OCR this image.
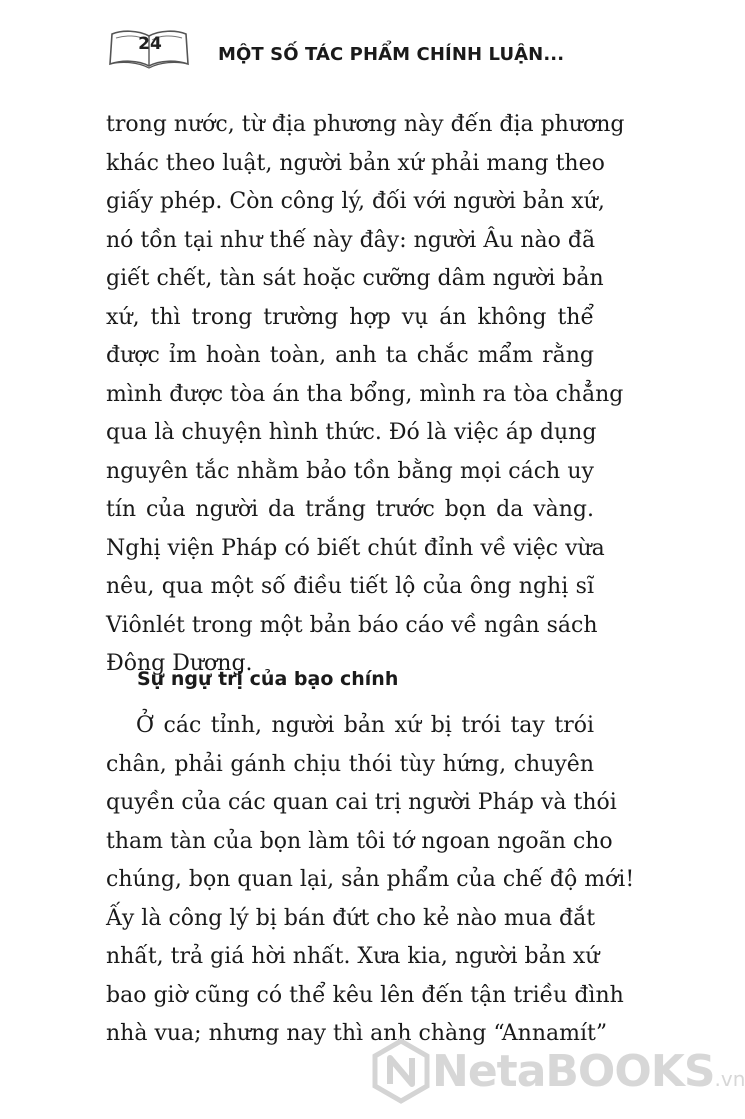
24	MỘT SỐ TÁC PHẨM CHÍNH LUẬN...
trong nước, từ địa phương này đến địa phương
khác theo luật, người bản xứ phải mang theo
giấy phép. Còn công lý, đối với người bản xứ,
nó tồn tại như thế này đây: người Âu nào đã
giết chết, tàn sát hoặc cưỡng dâm người bản
xứ, thì trong trường hợp vụ án không thể
được ỉm hoàn toàn, anh ta chắc mẩm rằng
mình được tòa án tha bổng, mình ra tòa chẳng
qua là chuyện hình thức. Đó là việc áp dụng
nguyên tắc nhằm bảo tồn bằng mọi cách uy
tín của người da trắng trước bọn da vàng.
Nghị viện Pháp có biết chút đỉnh về việc vừa
nêu, qua một số điều tiết lộ của ông nghị sĩ
Viônlét trong một bản báo cáo về ngân sách
Đông Dương.
Sự ngự trị của bạo chính
Ở các tỉnh, người bản xứ bị trói tay trói
chân, phải gánh chịu thói tùy hứng, chuyên
quyền của các quan cai trị người Pháp và thói
tham tàn của bọn làm tôi tớ ngoan ngoãn cho
chúng, bọn quan lại, sản phẩm của chế độ mới!
Ấy là công lý bị bán đứt cho kẻ nào mua đắt
nhất, trả giá hời nhất. Xưa kia, người bản xứ
bao giờ cũng có thể kêu lên đến tận triều đình
nhà vua; nhưng nay thì anh chàng “Annamít”
NetaBOOKS.vn
